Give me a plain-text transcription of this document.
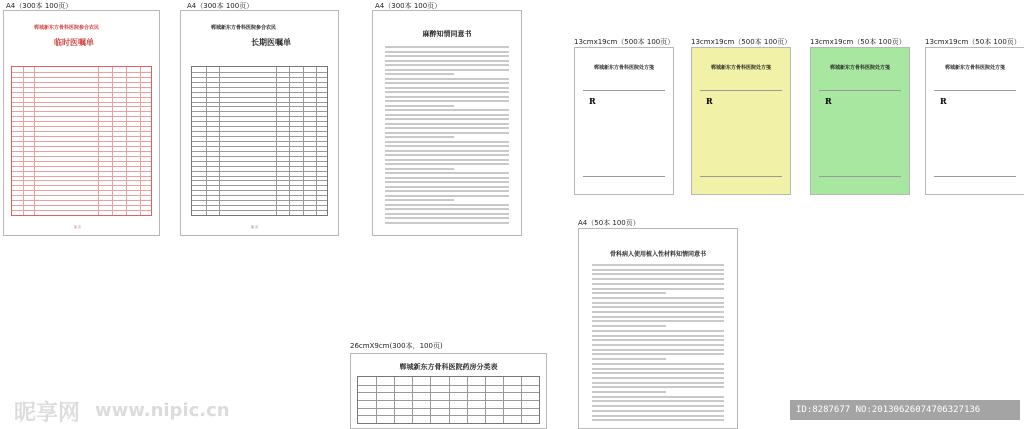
A4（300本 100页）	A4（300本 100页）	A4（300本 100页）
13cmx19cm（500本 100页） 13cmx19cm（500本 100页）	13cmx19cm（50本 100页）	13cmx19cm（50本 100页）
A4（50本 100页）
26cmX9cm(300本，100页)
郸城新东方骨科医院参合农民
临时医嘱单
第 页
郸城新东方骨科医院参合农民
长期医嘱单
第 页
麻醉知情同意书
郸城新东方骨科医院处方笺
R
郸城新东方骨科医院处方笺
R
郸城新东方骨科医院处方笺
R
郸城新东方骨科医院处方笺
R
骨科病人使用植入性材料知情同意书
郸城新东方骨科医院药房分类表
昵享网 www.nipic.cn	ID:8287677 NO:20130626074706327136
